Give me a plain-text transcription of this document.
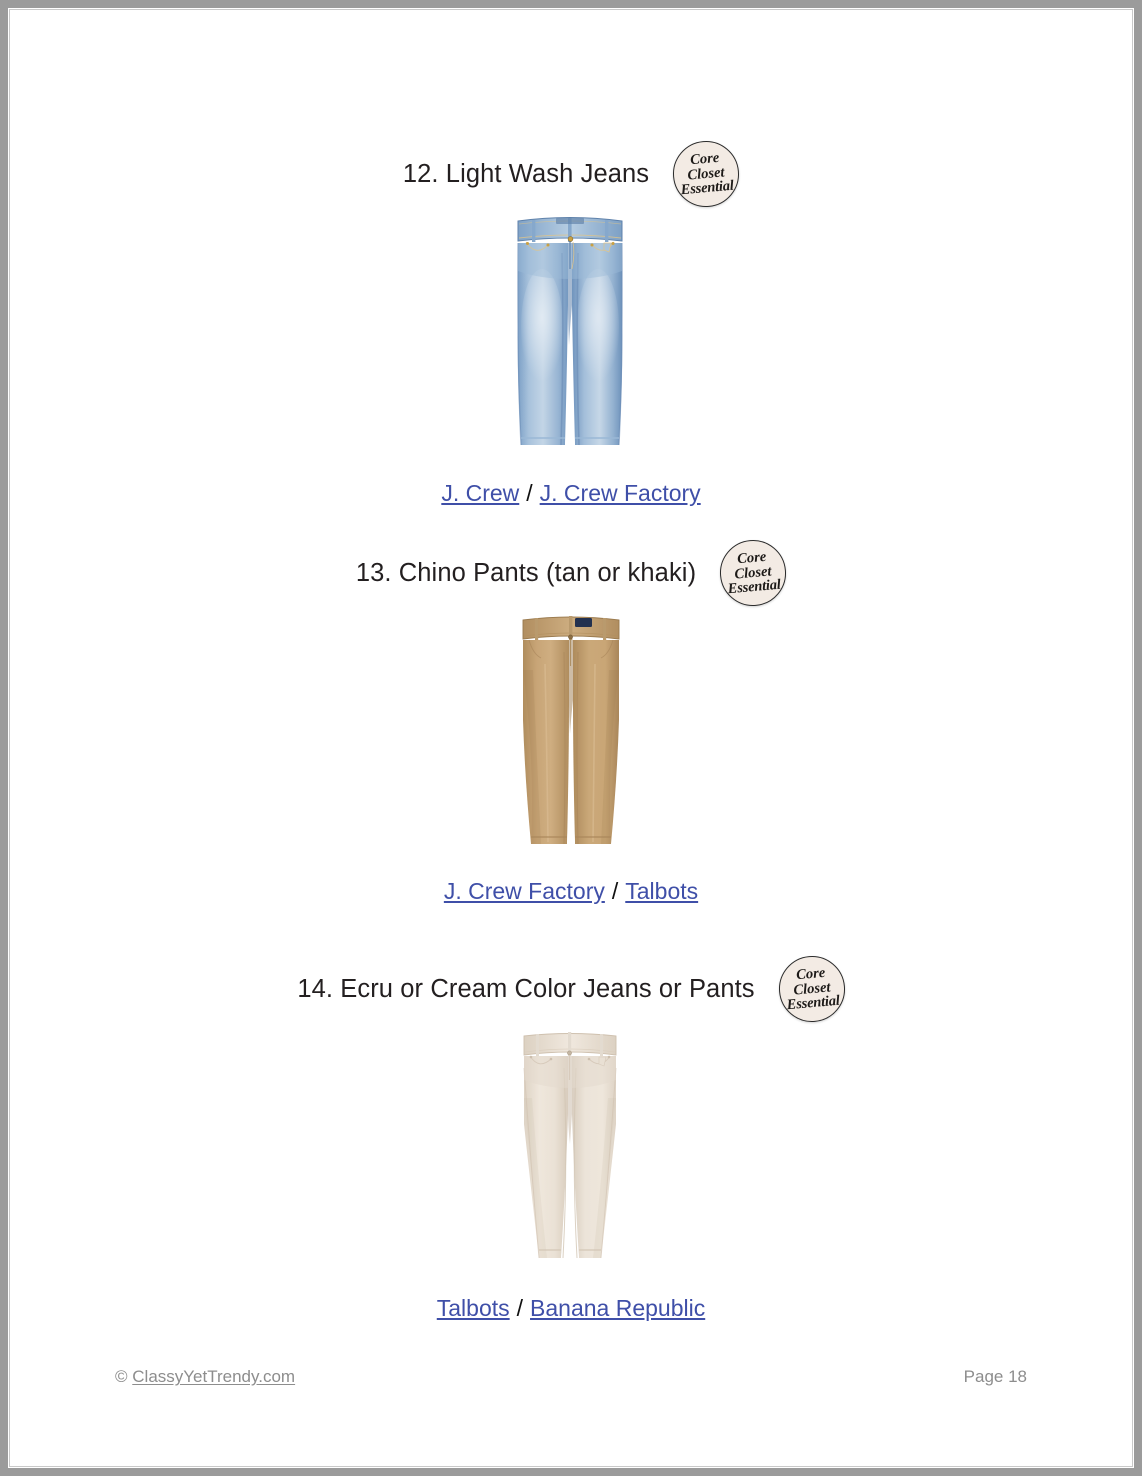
12. Light Wash Jeans
Core
Closet
Essential
J. Crew / J. Crew Factory
13. Chino Pants (tan or khaki)
Core
Closet
Essential
J. Crew Factory / Talbots
14. Ecru or Cream Color Jeans or Pants
Core
Closet
Essential
Talbots / Banana Republic
© ClassyYetTrendy.com	Page 18
